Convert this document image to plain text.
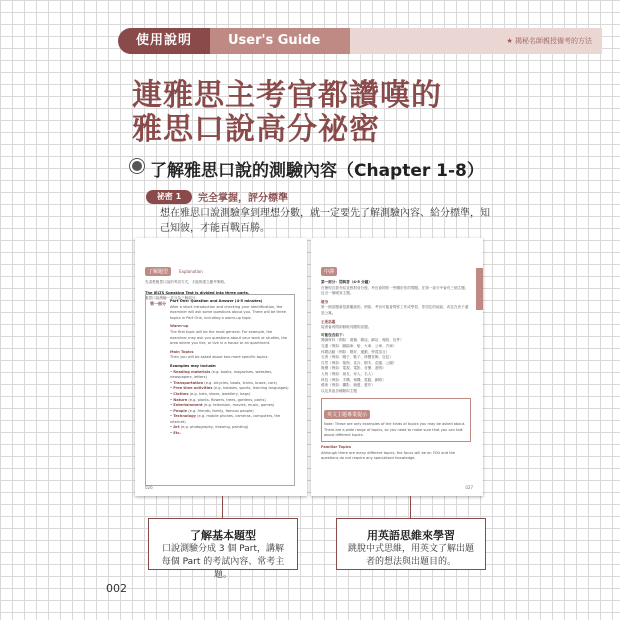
使用說明	User's Guide	★ 揭秘名師親授備考的方法
連雅思主考官都讚嘆的
雅思口說高分祕密
了解雅思口說的測驗內容（Chapter 1-8）
祕密 1	完全掌握，評分標準
想在雅思口說測驗拿到理想分數，就一定要先了解測驗內容、給分標準，知己知彼，才能百戰百勝。
了解題型	Explanation
先清楚雅思口說的考試方式，才能夠建立應考策略。
The IELTS Speaking Test is divided into three parts.
雅思口說測驗一共分為三個部分。
第一部分 Part One: Question and Answer (4-5 minutes)
After a short introduction and checking your identification, the examiner will ask some questions about you. There will be three topics in Part One, including a warm-up topic.
Warm-up
The first topic will be the most general. For example, the examiner may ask you questions about your work or studies, the area where you live, or live in a house or an apartment.
Main Topics
Then you will be asked about two more specific topics.
Examples may include:
• Reading materials (e.g. books, magazines, websites, newspapers, letters)
• Transportation (e.g. bicycles, boats, trains, buses, cars)
• Free time activities (e.g. hobbies, sports, learning languages)
• Clothes (e.g. hats, shoes, jewellery, bags)
• Nature (e.g. plants, flowers, trees, gardens, parks)
• Entertainment (e.g. television, movies, music, games)
• People (e.g. friends, family, famous people)
• Technology (e.g. mobile phones, cameras, computers, the internet)
• Art (e.g. photography, drawing, painting)
• Etc.
026
中譯
第一部分：問與答（4-5 分鐘）
在簡短自我介紹並核對身分後，考官會問你一些關於你的問題。在第一部分中會有三個主題，包含一個暖身主題。
暖身
第一個話題會是最籠統的。例如，考官可能會問你工作或學習，你居住的地區，或住在房子還是公寓。
主要話題
接著會再問兩個較具體的話題。
可能包含如下：
閱讀材料（例如：書籍、雜誌、網站、報紙、信件）
交通（例如：腳踏車、船、火車、公車、汽車）
休閒活動（例如：嗜好、運動、學習語言）
衣著（例如：帽子、鞋子、珠寶首飾、包包）
自然（例如：植物、花卉、樹木、花園、公園）
娛樂（例如：電視、電影、音樂、遊戲）
人物（例如：朋友、家人、名人）
科技（例如：手機、相機、電腦、網路）
藝術（例如：攝影、繪畫、畫作）
以及其他各種類似主題
英文主題專業提示
Note: These are only examples of the kinds of topics you may be asked about. There are a wide range of topics, so you need to make sure that you can talk about different topics.
Familiar Topics
Although there are many different topics, the focus will be on YOU and the questions do not require any specialised knowledge.
027
了解基本題型
口說測驗分成 3 個 Part，講解每個 Part 的考試內容、常考主題。
用英語思維來學習
跳脫中式思維，用英文了解出題者的想法與出題目的。
002
